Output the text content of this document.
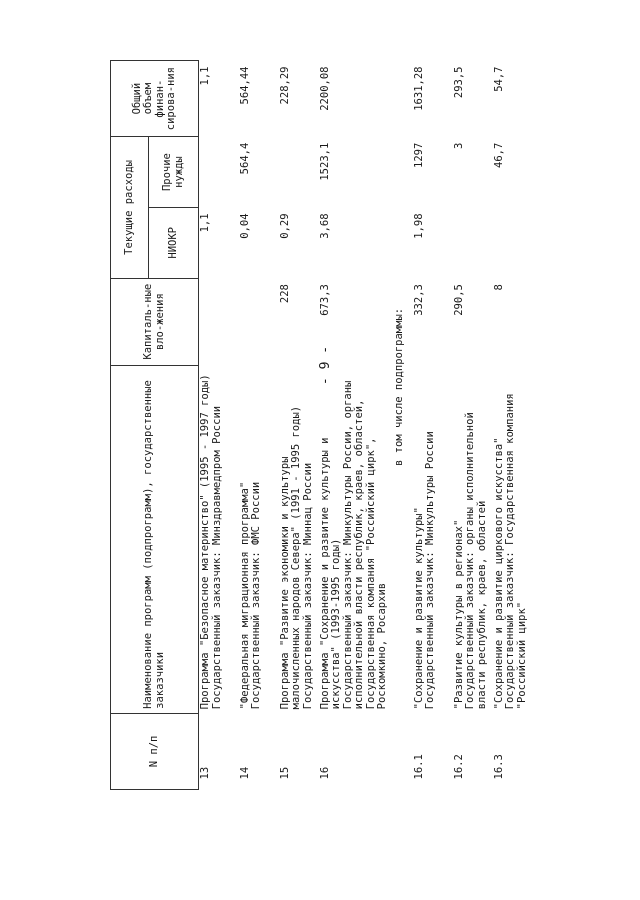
- 9 -
N п/п	Наименование программ (подпрограмм), государственные заказчики	Капиталь-ные вло-жения	Текущие расходы		Общий объем финан-сирова-ния
			НИОКР	Прочие нужды	
13	Программа "Безопасное материнство" (1995 - 1997 годы)
Государственный заказчик: Минздравмедпром России		1,1		1,1
14	"Федеральная миграционная программа"
Государственный заказчик: ФМС России		0,04	564,4	564,44
15	Программа "Развитие экономики и культуры малочисленных народов Севера" (1991 - 1995 годы)
Государственный заказчик: Миннац России	228	0,29		228,29
16	Программа "Сохранение и развитие культуры и искусства" (1993-1995 годы)
Государственный заказчик: Минкультуры России, органы исполнительной власти республик, краев, областей,
Государственная компания "Российский цирк", Роскомкино, Росархив	673,3	3,68	1523,1	2200,08
	в том числе подпрограммы:				
16.1	"Сохранение и развитие культуры"
Государственный заказчик: Минкультуры России	332,3	1,98	1297	1631,28
16.2	"Развитие культуры в регионах"
Государственный заказчик: органы исполнительной власти республик, краев, областей	290,5		3	293,5
16.3	"Сохранение и развитие циркового искусства"
Государственный заказчик: Государственная компания "Российский цирк"	8		46,7	54,7
